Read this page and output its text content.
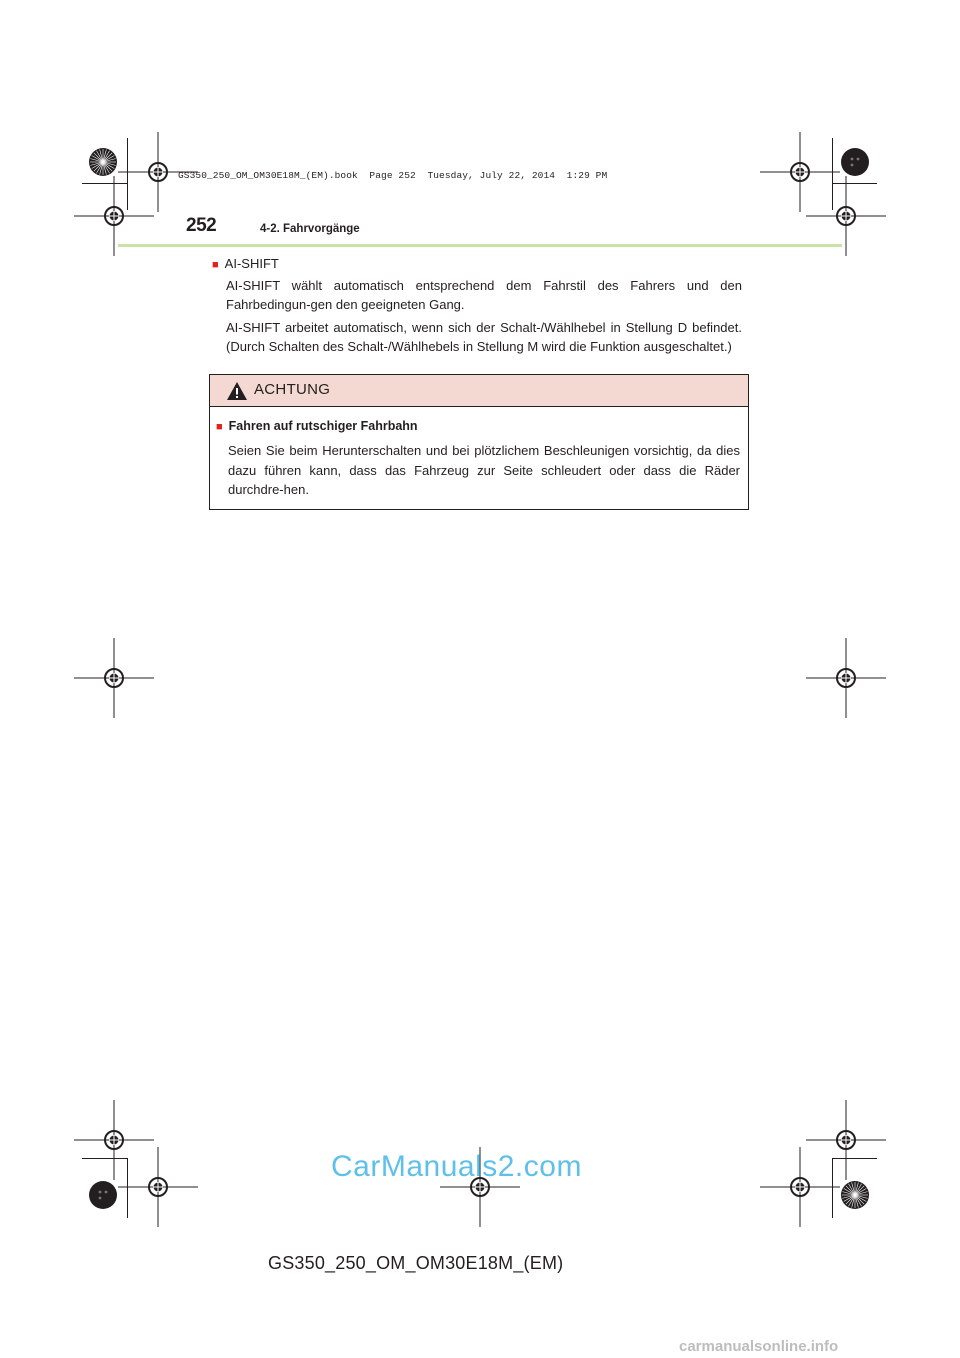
GS350_250_OM_OM30E18M_(EM).book  Page 252  Tuesday, July 22, 2014  1:29 PM
252	4-2. Fahrvorgänge
■ AI-SHIFT
AI-SHIFT wählt automatisch entsprechend dem Fahrstil des Fahrers und den Fahrbedingun-gen den geeigneten Gang.
AI-SHIFT arbeitet automatisch, wenn sich der Schalt-/Wählhebel in Stellung D befindet. (Durch Schalten des Schalt-/Wählhebels in Stellung M wird die Funktion ausgeschaltet.)
ACHTUNG
■ Fahren auf rutschiger Fahrbahn
Seien Sie beim Herunterschalten und bei plötzlichem Beschleunigen vorsichtig, da dies dazu führen kann, dass das Fahrzeug zur Seite schleudert oder dass die Räder durchdre-hen.
CarManuals2.com
GS350_250_OM_OM30E18M_(EM)
carmanualsonline.info
